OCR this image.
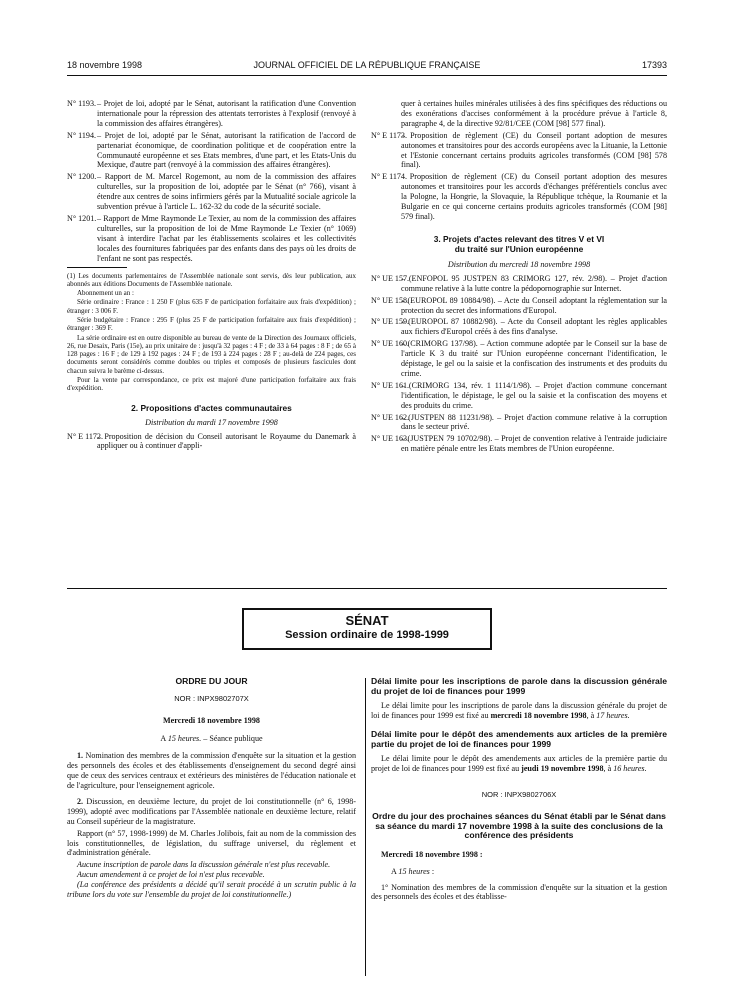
18 novembre 1998	JOURNAL OFFICIEL DE LA RÉPUBLIQUE FRANÇAISE	17393
N° 1193. – Projet de loi, adopté par le Sénat, autorisant la ratification d'une Convention internationale pour la répression des attentats terroristes à l'explosif (renvoyé à la commission des affaires étrangères).
N° 1194. – Projet de loi, adopté par le Sénat, autorisant la ratification de l'accord de partenariat économique, de coordination politique et de coopération entre la Communauté européenne et ses Etats membres, d'une part, et les Etats-Unis du Mexique, d'autre part (renvoyé à la commission des affaires étrangères).
N° 1200. – Rapport de M. Marcel Rogemont, au nom de la commission des affaires culturelles, sur la proposition de loi, adoptée par le Sénat (n° 766), visant à étendre aux centres de soins infirmiers gérés par la Mutualité sociale agricole la subvention prévue à l'article L. 162-32 du code de la sécurité sociale.
N° 1201. – Rapport de Mme Raymonde Le Texier, au nom de la commission des affaires culturelles, sur la proposition de loi de Mme Raymonde Le Texier (n° 1069) visant à interdire l'achat par les établissements scolaires et les collectivités locales des fournitures fabriquées par des enfants dans des pays où les droits de l'enfant ne sont pas respectés.

(1) Les documents parlementaires de l'Assemblée nationale sont servis, dès leur publication, aux abonnés aux éditions Documents de l'Assemblée nationale.

Abonnement un an :

Série ordinaire : France : 1 250 F (plus 635 F de participation forfaitaire aux frais d'expédition) ; étranger : 3 006 F.

Série budgétaire : France : 295 F (plus 25 F de participation forfaitaire aux frais d'expédition) ; étranger : 369 F.

La série ordinaire est en outre disponible au bureau de vente de la Direction des Journaux officiels, 26, rue Desaix, Paris (15e), au prix unitaire de : jusqu'à 32 pages : 4 F ; de 33 à 64 pages : 8 F ; de 65 à 128 pages : 16 F ; de 129 à 192 pages : 24 F ; de 193 à 224 pages : 28 F ; au-delà de 224 pages, ces documents seront considérés comme doubles ou triples et composés de plusieurs fascicules dont chacun suivra le barème ci-dessus.

Pour la vente par correspondance, ce prix est majoré d'une participation forfaitaire aux frais d'expédition.

2. Propositions d'actes communautaires
Distribution du mardi 17 novembre 1998
N° E 1172.
– Proposition de décision du Conseil autorisant le Royaume du Danemark à appliquer ou à continuer d'appli-
quer à certaines huiles minérales utilisées à des fins spécifiques des réductions ou des exonérations d'accises conformément à la procédure prévue à l'article 8, paragraphe 4, de la directive 92/81/CEE (COM [98] 577 final).
N° E 1173.
– Proposition de règlement (CE) du Conseil portant adoption de mesures autonomes et transitoires pour des accords européens avec la Lituanie, la Lettonie et l'Estonie concernant certains produits agricoles transformés (COM [98] 578 final).
N° E 1174.
– Proposition de règlement (CE) du Conseil portant adoption des mesures autonomes et transitoires pour les accords d'échanges préférentiels conclus avec la Pologne, la Hongrie, la Slovaquie, la République tchèque, la Roumanie et la Bulgarie en ce qui concerne certains produits agricoles transformés (COM [98] 579 final).
3. Projets d'actes relevant des titres V et VI
du traité sur l'Union européenne
Distribution du mercredi 18 novembre 1998
N° UE 157.
– (ENFOPOL 95 JUSTPEN 83 CRIMORG 127, rév. 2/98). – Projet d'action commune relative à la lutte contre la pédopornographie sur Internet.
N° UE 158.
– (EUROPOL 89 10884/98). – Acte du Conseil adoptant la réglementation sur la protection du secret des informations d'Europol.
N° UE 159.
– (EUROPOL 87 10882/98). – Acte du Conseil adoptant les règles applicables aux fichiers d'Europol créés à des fins d'analyse.
N° UE 160.
– (CRIMORG 137/98). – Action commune adoptée par le Conseil sur la base de l'article K 3 du traité sur l'Union européenne concernant l'identification, le dépistage, le gel ou la saisie et la confiscation des instruments et des produits du crime.
N° UE 161.
– (CRIMORG 134, rév. 1 1114/1/98). – Projet d'action commune concernant l'identification, le dépistage, le gel ou la saisie et la confiscation des moyens et des produits du crime.
N° UE 162.
– (JUSTPEN 88 11231/98). – Projet d'action commune relative à la corruption dans le secteur privé.
N° UE 163.
– (JUSTPEN 79 10702/98). – Projet de convention relative à l'entraide judiciaire en matière pénale entre les Etats membres de l'Union européenne.
SÉNAT
Session ordinaire de 1998-1999
ORDRE DU JOUR
NOR : INPX9802707X
Mercredi 18 novembre 1998
A 15 heures. – Séance publique

1. Nomination des membres de la commission d'enquête sur la situation et la gestion des personnels des écoles et des établissements d'enseignement du second degré ainsi que de ceux des services centraux et extérieurs des ministères de l'éducation nationale et de l'agriculture, pour l'enseignement agricole.

2. Discussion, en deuxième lecture, du projet de loi constitutionnelle (n° 6, 1998-1999), adopté avec modifications par l'Assemblée nationale en deuxième lecture, relatif au Conseil supérieur de la magistrature.

Rapport (n° 57, 1998-1999) de M. Charles Jolibois, fait au nom de la commission des lois constitutionnelles, de législation, du suffrage universel, du règlement et d'administration générale.

Aucune inscription de parole dans la discussion générale n'est plus recevable.

Aucun amendement à ce projet de loi n'est plus recevable.

(La conférence des présidents a décidé qu'il serait procédé à un scrutin public à la tribune lors du vote sur l'ensemble du projet de loi constitutionnelle.)

Délai limite pour les inscriptions de parole dans la discussion générale du projet de loi de finances pour 1999

Le délai limite pour les inscriptions de parole dans la discussion générale du projet de loi de finances pour 1999 est fixé au mercredi 18 novembre 1998, à 17 heures.

Délai limite pour le dépôt des amendements aux articles de la première partie du projet de loi de finances pour 1999

Le délai limite pour le dépôt des amendements aux articles de la première partie du projet de loi de finances pour 1999 est fixé au jeudi 19 novembre 1998, à 16 heures.

NOR : INPX9802706X
Ordre du jour des prochaines séances du Sénat établi par le Sénat dans sa séance du mardi 17 novembre 1998 à la suite des conclusions de la conférence des présidents
Mercredi 18 novembre 1998 :
A 15 heures :

1° Nomination des membres de la commission d'enquête sur la situation et la gestion des personnels des écoles et des établisse-
